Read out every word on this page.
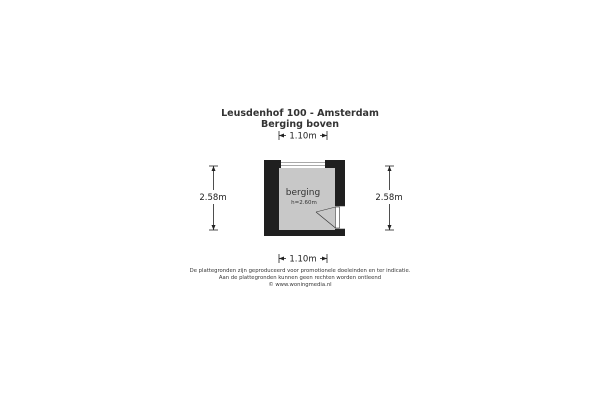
Leusdenhof 100 - Amsterdam
Berging boven
1.10m
2.58m	2.58m
berging
h=2.60m
1.10m
De plattegronden zijn geproduceerd voor promotionele doeleinden en ter indicatie.
Aan de plattegronden kunnen geen rechten worden ontleend
© www.woningmedia.nl
